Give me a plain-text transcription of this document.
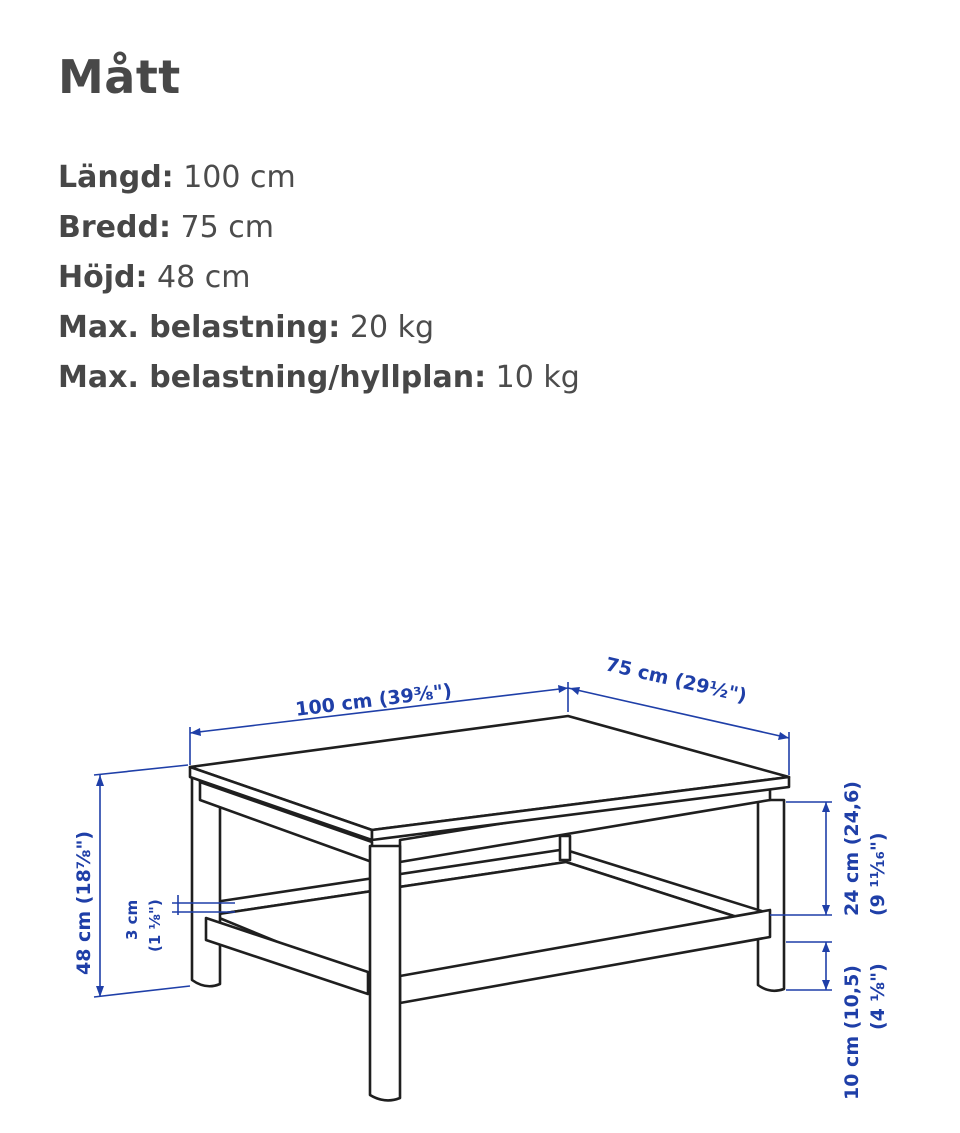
Mått
Längd: 100 cm
Bredd: 75 cm
Höjd: 48 cm
Max. belastning: 20 kg
Max. belastning/hyllplan: 10 kg
100 cm (39⅜")	75 cm (29½")
48 cm (18⅞") 3 cm (1 ⅛")
24 cm (24,6) (9 ¹¹⁄₁₆")
10 cm (10,5) (4 ⅛")
